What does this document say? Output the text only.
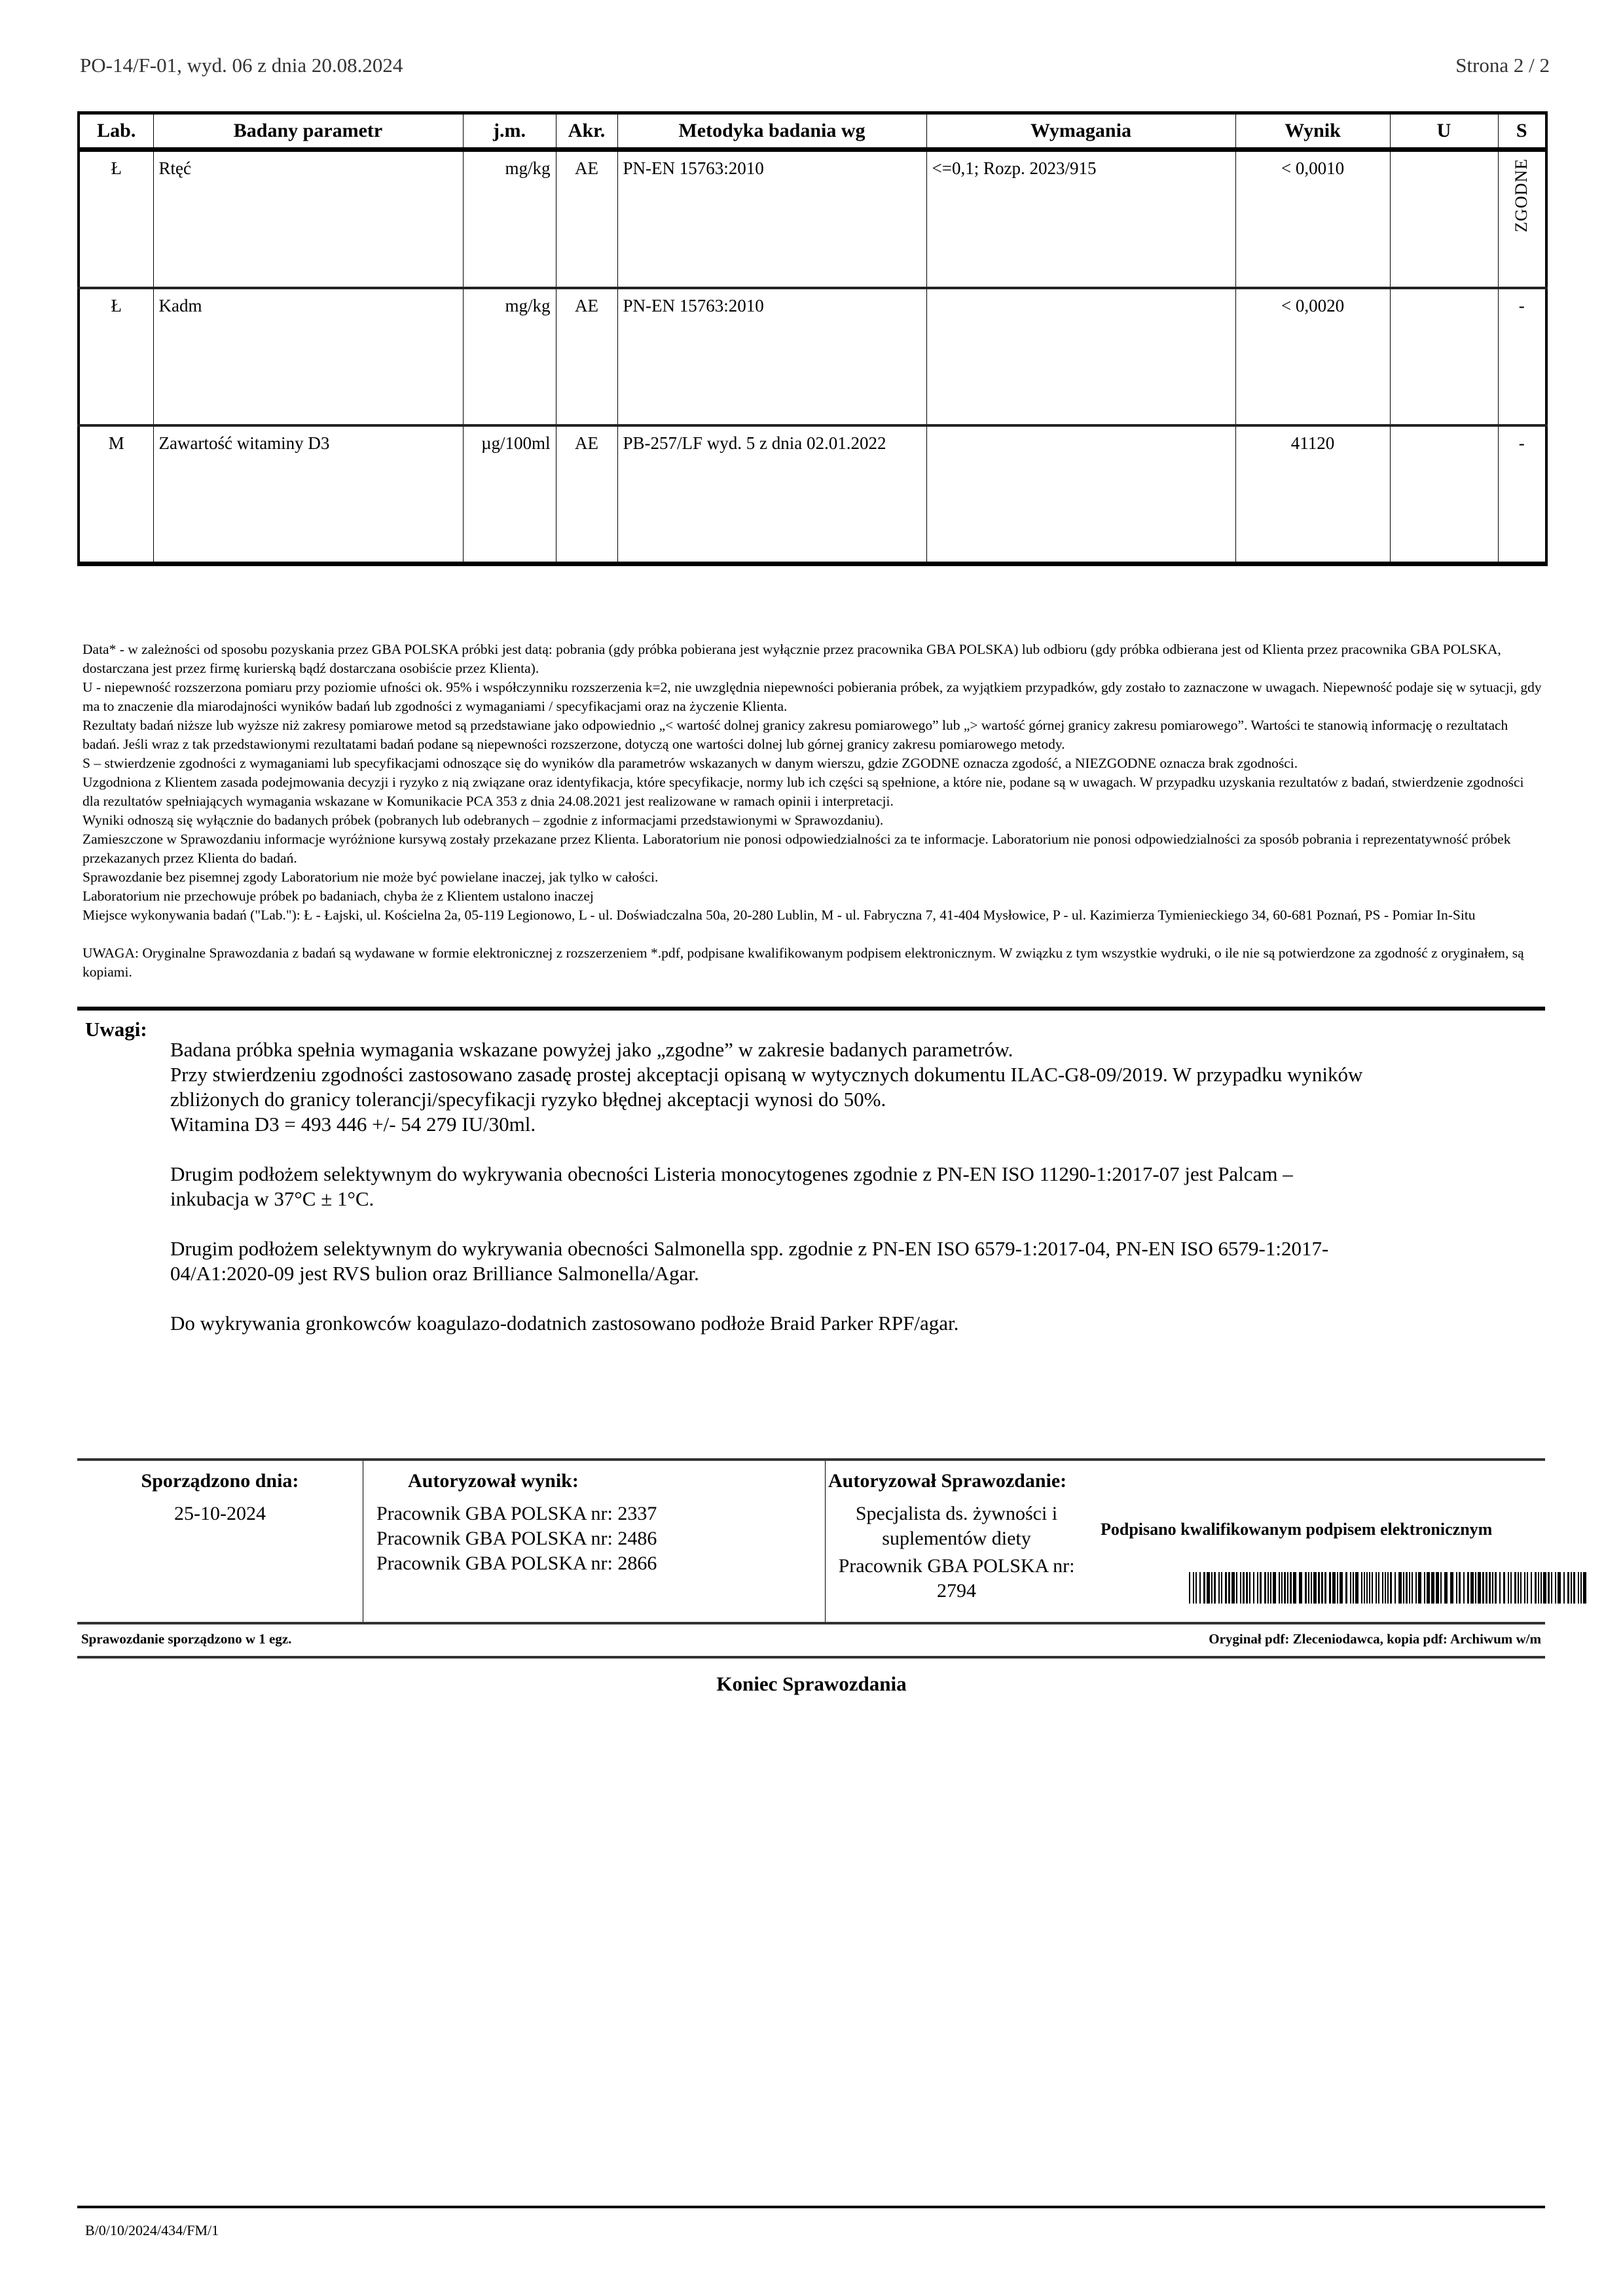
PO-14/F-01, wyd. 06 z dnia 20.08.2024	Strona 2 / 2
Lab.	Badany parametr	j.m.	Akr.	Metodyka badania wg	Wymagania	Wynik	U	S
Ł	Rtęć	mg/kg	AE	PN-EN 15763:2010	<=0,1; Rozp. 2023/915	< 0,0010		ZGODNE
Ł	Kadm	mg/kg	AE	PN-EN 15763:2010		< 0,0020		-
M	Zawartość witaminy D3	µg/100ml	AE	PB-257/LF wyd. 5 z dnia 02.01.2022		41120		-

Data* - w zależności od sposobu pozyskania przez GBA POLSKA próbki jest datą: pobrania (gdy próbka pobierana jest wyłącznie przez pracownika GBA POLSKA) lub odbioru (gdy próbka odbierana jest od Klienta przez pracownika GBA POLSKA, dostarczana jest przez firmę kurierską bądź dostarczana osobiście przez Klienta).

U - niepewność rozszerzona pomiaru przy poziomie ufności ok. 95% i współczynniku rozszerzenia k=2, nie uwzględnia niepewności pobierania próbek, za wyjątkiem przypadków, gdy zostało to zaznaczone w uwagach. Niepewność podaje się w sytuacji, gdy ma to znaczenie dla miarodajności wyników badań lub zgodności z wymaganiami / specyfikacjami oraz na życzenie Klienta.

Rezultaty badań niższe lub wyższe niż zakresy pomiarowe metod są przedstawiane jako odpowiednio „< wartość dolnej granicy zakresu pomiarowego” lub „> wartość górnej granicy zakresu pomiarowego”. Wartości te stanowią informację o rezultatach badań. Jeśli wraz z tak przedstawionymi rezultatami badań podane są niepewności rozszerzone, dotyczą one wartości dolnej lub górnej granicy zakresu pomiarowego metody.

S – stwierdzenie zgodności z wymaganiami lub specyfikacjami odnoszące się do wyników dla parametrów wskazanych w danym wierszu, gdzie ZGODNE oznacza zgodość, a NIEZGODNE oznacza brak zgodności.

Uzgodniona z Klientem zasada podejmowania decyzji i ryzyko z nią związane oraz identyfikacja, które specyfikacje, normy lub ich części są spełnione, a które nie, podane są w uwagach. W przypadku uzyskania rezultatów z badań, stwierdzenie zgodności dla rezultatów spełniających wymagania wskazane w Komunikacie PCA 353 z dnia 24.08.2021 jest realizowane w ramach opinii i interpretacji.

Wyniki odnoszą się wyłącznie do badanych próbek (pobranych lub odebranych – zgodnie z informacjami przedstawionymi w Sprawozdaniu).

Zamieszczone w Sprawozdaniu informacje wyróżnione kursywą zostały przekazane przez Klienta. Laboratorium nie ponosi odpowiedzialności za te informacje. Laboratorium nie ponosi odpowiedzialności za sposób pobrania i reprezentatywność próbek przekazanych przez Klienta do badań.

Sprawozdanie bez pisemnej zgody Laboratorium nie może być powielane inaczej, jak tylko w całości.

Laboratorium nie przechowuje próbek po badaniach, chyba że z Klientem ustalono inaczej

Miejsce wykonywania badań ("Lab."): Ł - Łajski, ul. Kościelna 2a, 05-119 Legionowo, L - ul. Doświadczalna 50a, 20-280 Lublin, M - ul. Fabryczna 7, 41-404 Mysłowice, P - ul. Kazimierza Tymienieckiego 34, 60-681 Poznań, PS - Pomiar In-Situ

UWAGA: Oryginalne Sprawozdania z badań są wydawane w formie elektronicznej z rozszerzeniem *.pdf, podpisane kwalifikowanym podpisem elektronicznym. W związku z tym wszystkie wydruki, o ile nie są potwierdzone za zgodność z oryginałem, są kopiami.

Uwagi:

Badana próbka spełnia wymagania wskazane powyżej jako „zgodne” w zakresie badanych parametrów.

Przy stwierdzeniu zgodności zastosowano zasadę prostej akceptacji opisaną w wytycznych dokumentu ILAC-G8-09/2019. W przypadku wyników

zbliżonych do granicy tolerancji/specyfikacji ryzyko błędnej akceptacji wynosi do 50%.

Witamina D3 = 493 446 +/- 54 279 IU/30ml.

Drugim podłożem selektywnym do wykrywania obecności Listeria monocytogenes zgodnie z PN-EN ISO 11290-1:2017-07 jest Palcam –

inkubacja w 37°C ± 1°C.

Drugim podłożem selektywnym do wykrywania obecności Salmonella spp. zgodnie z PN-EN ISO 6579-1:2017-04, PN-EN ISO 6579-1:2017-

04/A1:2020-09 jest RVS bulion oraz Brilliance Salmonella/Agar.

Do wykrywania gronkowców koagulazo-dodatnich zastosowano podłoże Braid Parker RPF/agar.

Sporządzono dnia:
25-10-2024
Autoryzował wynik:
Pracownik GBA POLSKA nr: 2337
Pracownik GBA POLSKA nr: 2486
Pracownik GBA POLSKA nr: 2866
Autoryzował Sprawozdanie:
Specjalista ds. żywności i
suplementów diety
Pracownik GBA POLSKA nr:
2794
Podpisano kwalifikowanym podpisem elektronicznym
Sprawozdanie sporządzono w 1 egz.	Oryginał pdf: Zleceniodawca, kopia pdf: Archiwum w/m
Koniec Sprawozdania
B/0/10/2024/434/FM/1
